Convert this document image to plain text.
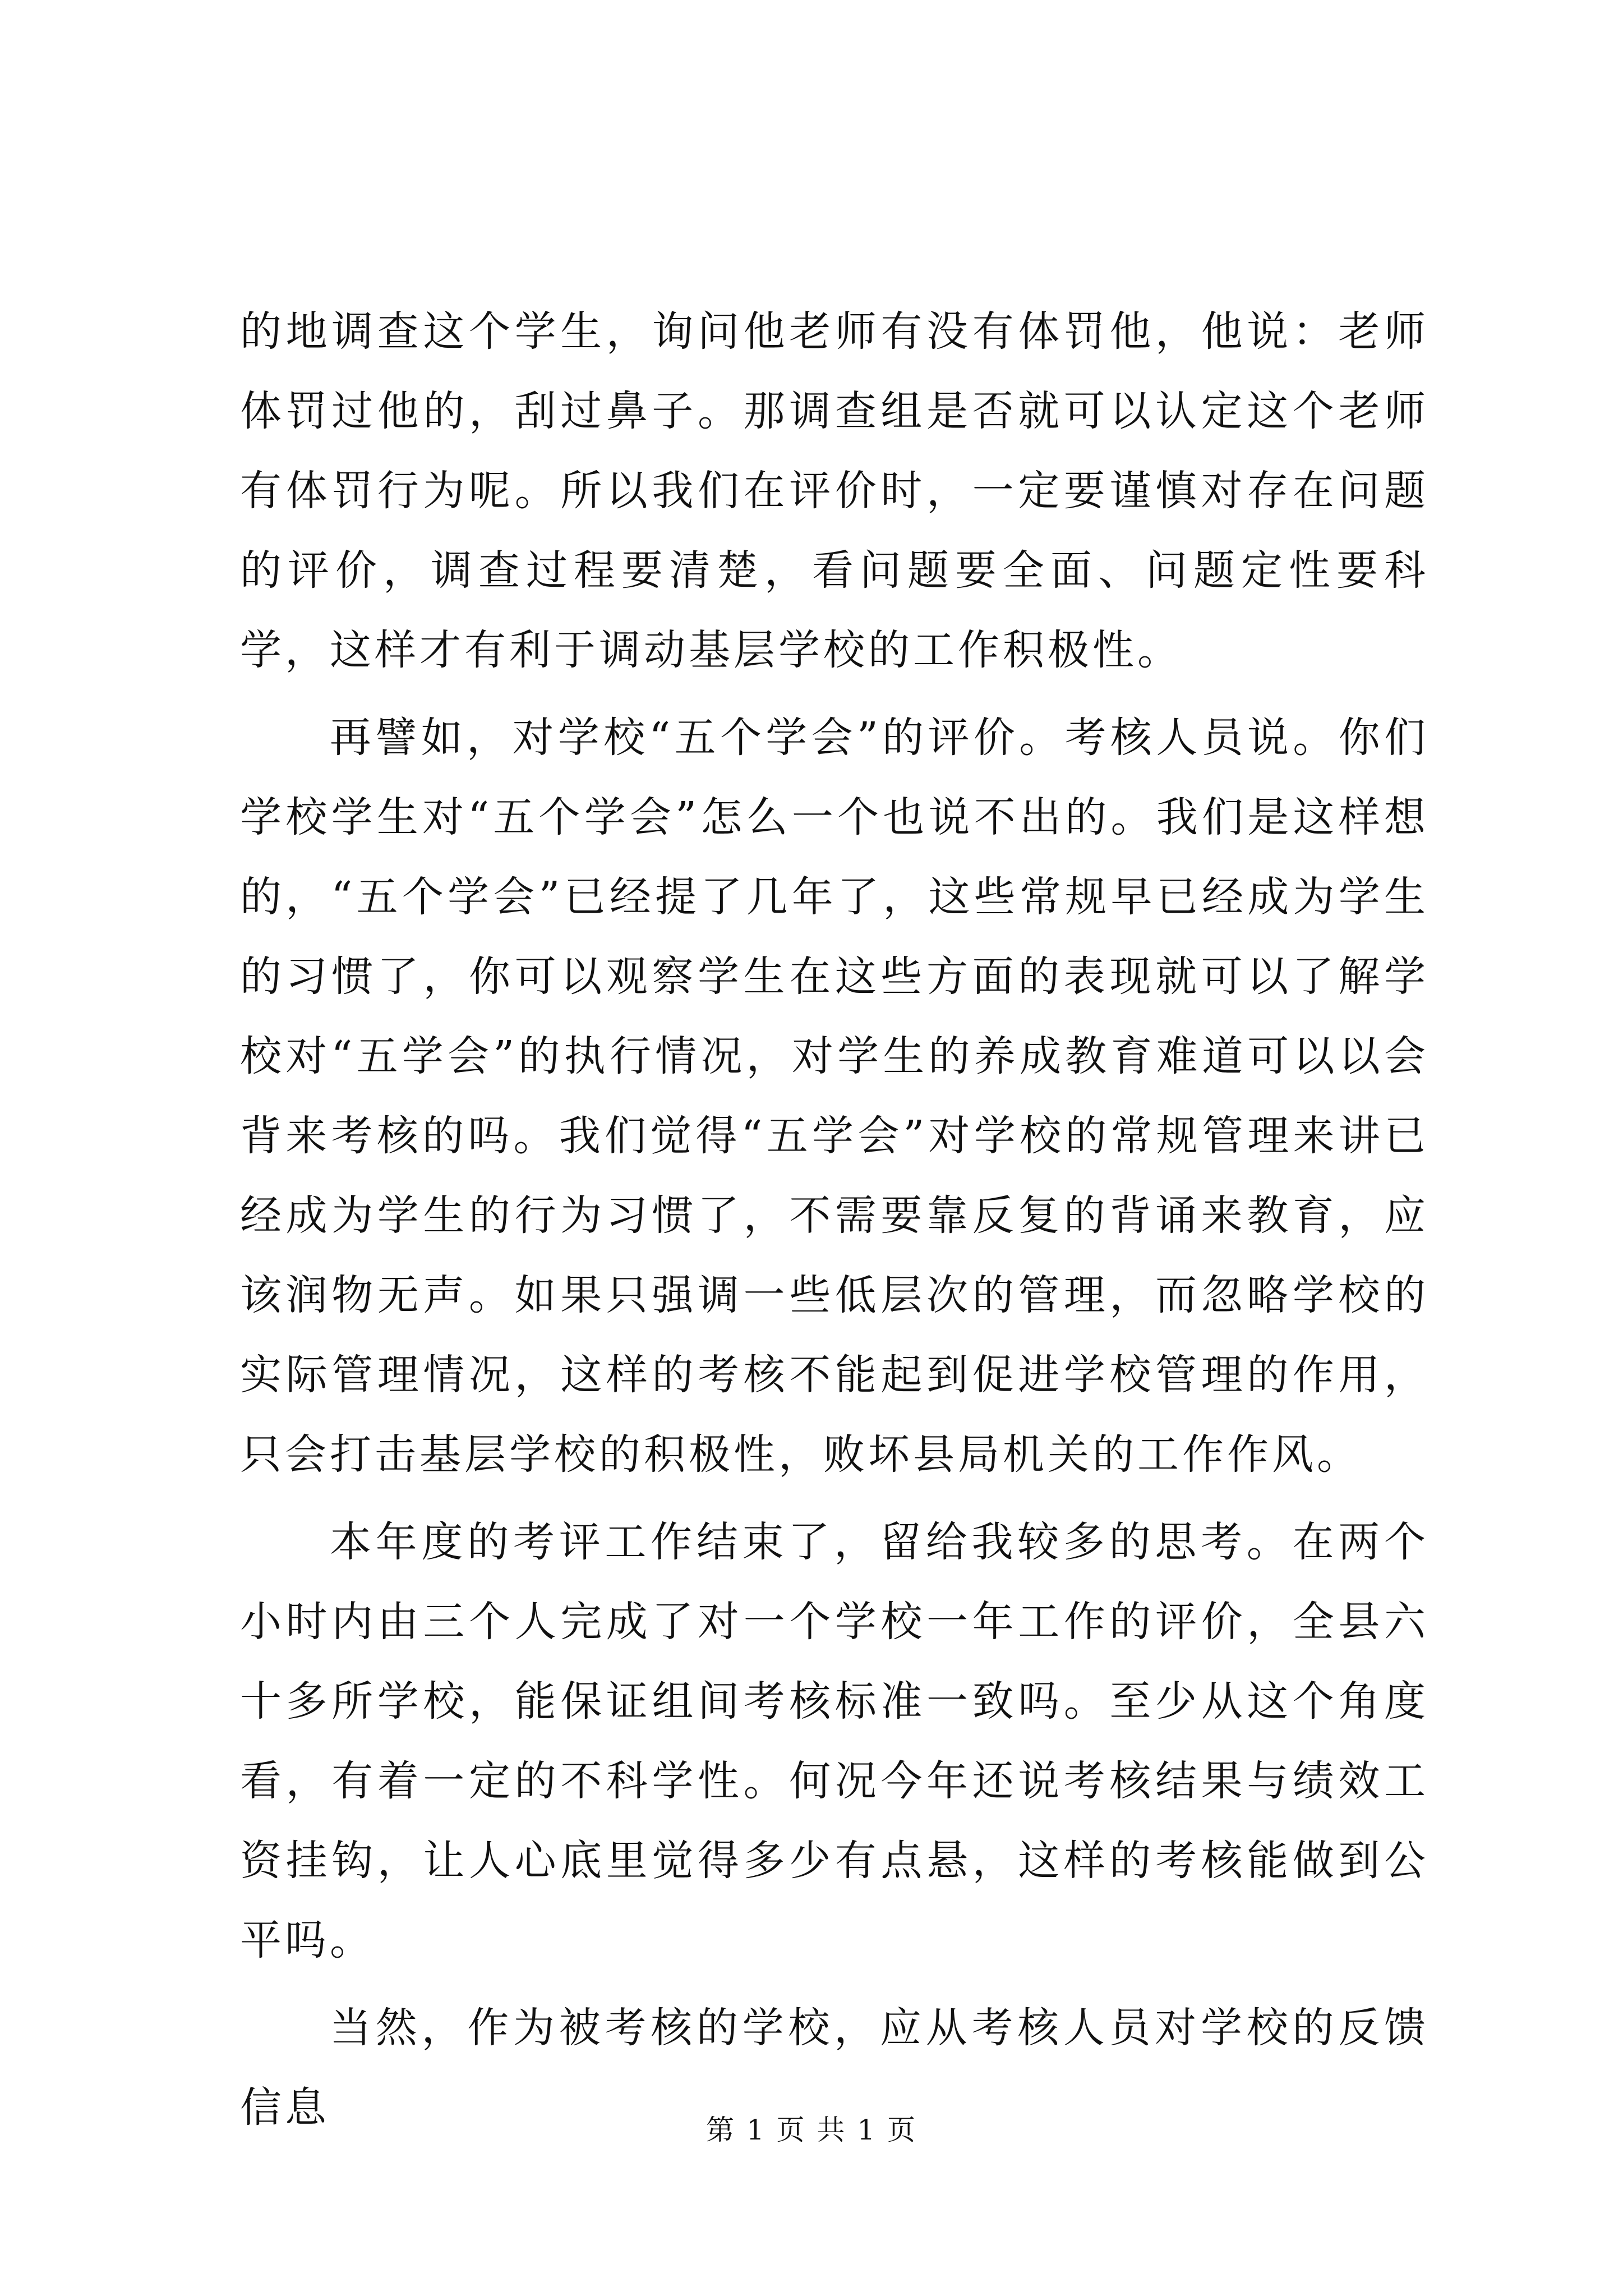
的地调查这个学生，询问他老师有没有体罚他，他说：老师体罚过他的，刮过鼻子。那调查组是否就可以认定这个老师有体罚行为呢。所以我们在评价时，一定要谨慎对存在问题的评价，调查过程要清楚，看问题要全面、问题定性要科学，这样才有利于调动基层学校的工作积极性。

再譬如，对学校“五个学会”的评价。考核人员说。你们学校学生对“五个学会”怎么一个也说不出的。我们是这样想的，“五个学会”已经提了几年了，这些常规早已经成为学生的习惯了，你可以观察学生在这些方面的表现就可以了解学校对“五学会”的执行情况，对学生的养成教育难道可以以会背来考核的吗。我们觉得“五学会”对学校的常规管理来讲已经成为学生的行为习惯了，不需要靠反复的背诵来教育，应该润物无声。如果只强调一些低层次的管理，而忽略学校的实际管理情况，这样的考核不能起到促进学校管理的作用，只会打击基层学校的积极性，败坏县局机关的工作作风。

本年度的考评工作结束了，留给我较多的思考。在两个小时内由三个人完成了对一个学校一年工作的评价，全县六十多所学校，能保证组间考核标准一致吗。至少从这个角度看，有着一定的不科学性。何况今年还说考核结果与绩效工资挂钩，让人心底里觉得多少有点悬，这样的考核能做到公平吗。

当然，作为被考核的学校，应从考核人员对学校的反馈信息	第 1 页 共 1 页
